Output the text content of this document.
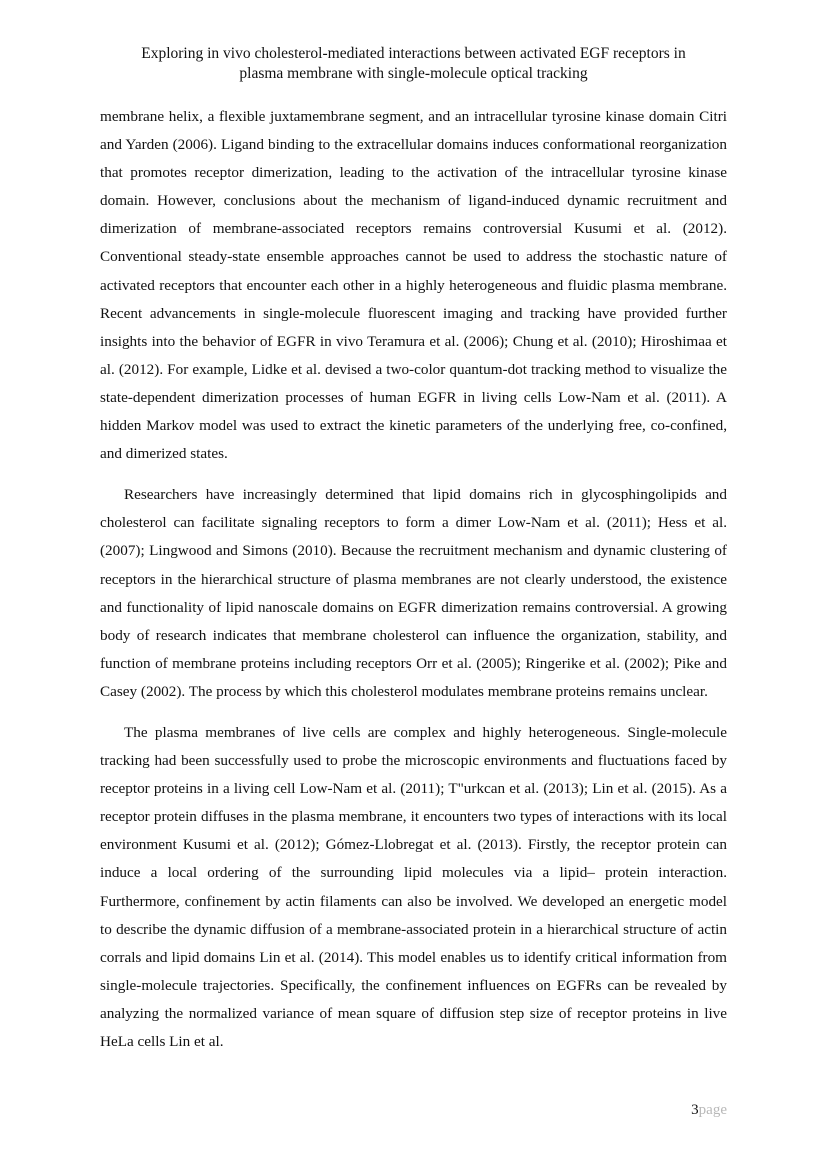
Exploring in vivo cholesterol-mediated interactions between activated EGF receptors in
plasma membrane with single-molecule optical tracking

membrane helix, a flexible juxtamembrane segment, and an intracellular tyrosine kinase domain Citri and Yarden (2006). Ligand binding to the extracellular domains induces conformational reorganization that promotes receptor dimerization, leading to the activation of the intracellular tyrosine kinase domain. However, conclusions about the mechanism of ligand-induced dynamic recruitment and dimerization of membrane-associated receptors remains controversial Kusumi et al. (2012). Conventional steady-state ensemble approaches cannot be used to address the stochastic nature of activated receptors that encounter each other in a highly heterogeneous and fluidic plasma membrane. Recent advancements in single-molecule fluorescent imaging and tracking have provided further insights into the behavior of EGFR in vivo Teramura et al. (2006); Chung et al. (2010); Hiroshimaa et al. (2012). For example, Lidke et al. devised a two-color quantum-dot tracking method to visualize the state-dependent dimerization processes of human EGFR in living cells Low-Nam et al. (2011). A hidden Markov model was used to extract the kinetic parameters of the underlying free, co-confined, and dimerized states.

Researchers have increasingly determined that lipid domains rich in glycosphingolipids and cholesterol can facilitate signaling receptors to form a dimer Low-Nam et al. (2011); Hess et al. (2007); Lingwood and Simons (2010). Because the recruitment mechanism and dynamic clustering of receptors in the hierarchical structure of plasma membranes are not clearly understood, the existence and functionality of lipid nanoscale domains on EGFR dimerization remains controversial. A growing body of research indicates that membrane cholesterol can influence the organization, stability, and function of membrane proteins including receptors Orr et al. (2005); Ringerike et al. (2002); Pike and Casey (2002). The process by which this cholesterol modulates membrane proteins remains unclear.

The plasma membranes of live cells are complex and highly heterogeneous. Single-molecule tracking had been successfully used to probe the microscopic environments and fluctuations faced by receptor proteins in a living cell Low-Nam et al. (2011); T"urkcan et al. (2013); Lin et al. (2015). As a receptor protein diffuses in the plasma membrane, it encounters two types of interactions with its local environment Kusumi et al. (2012); Gómez-Llobregat et al. (2013). Firstly, the receptor protein can induce a local ordering of the surrounding lipid molecules via a lipid– protein interaction. Furthermore, confinement by actin filaments can also be involved. We developed an energetic model to describe the dynamic diffusion of a membrane-associated protein in a hierarchical structure of actin corrals and lipid domains Lin et al. (2014). This model enables us to identify critical information from single-molecule trajectories. Specifically, the confinement influences on EGFRs can be revealed by analyzing the normalized variance of mean square of diffusion step size of receptor proteins in live HeLa cells Lin et al.

3page
